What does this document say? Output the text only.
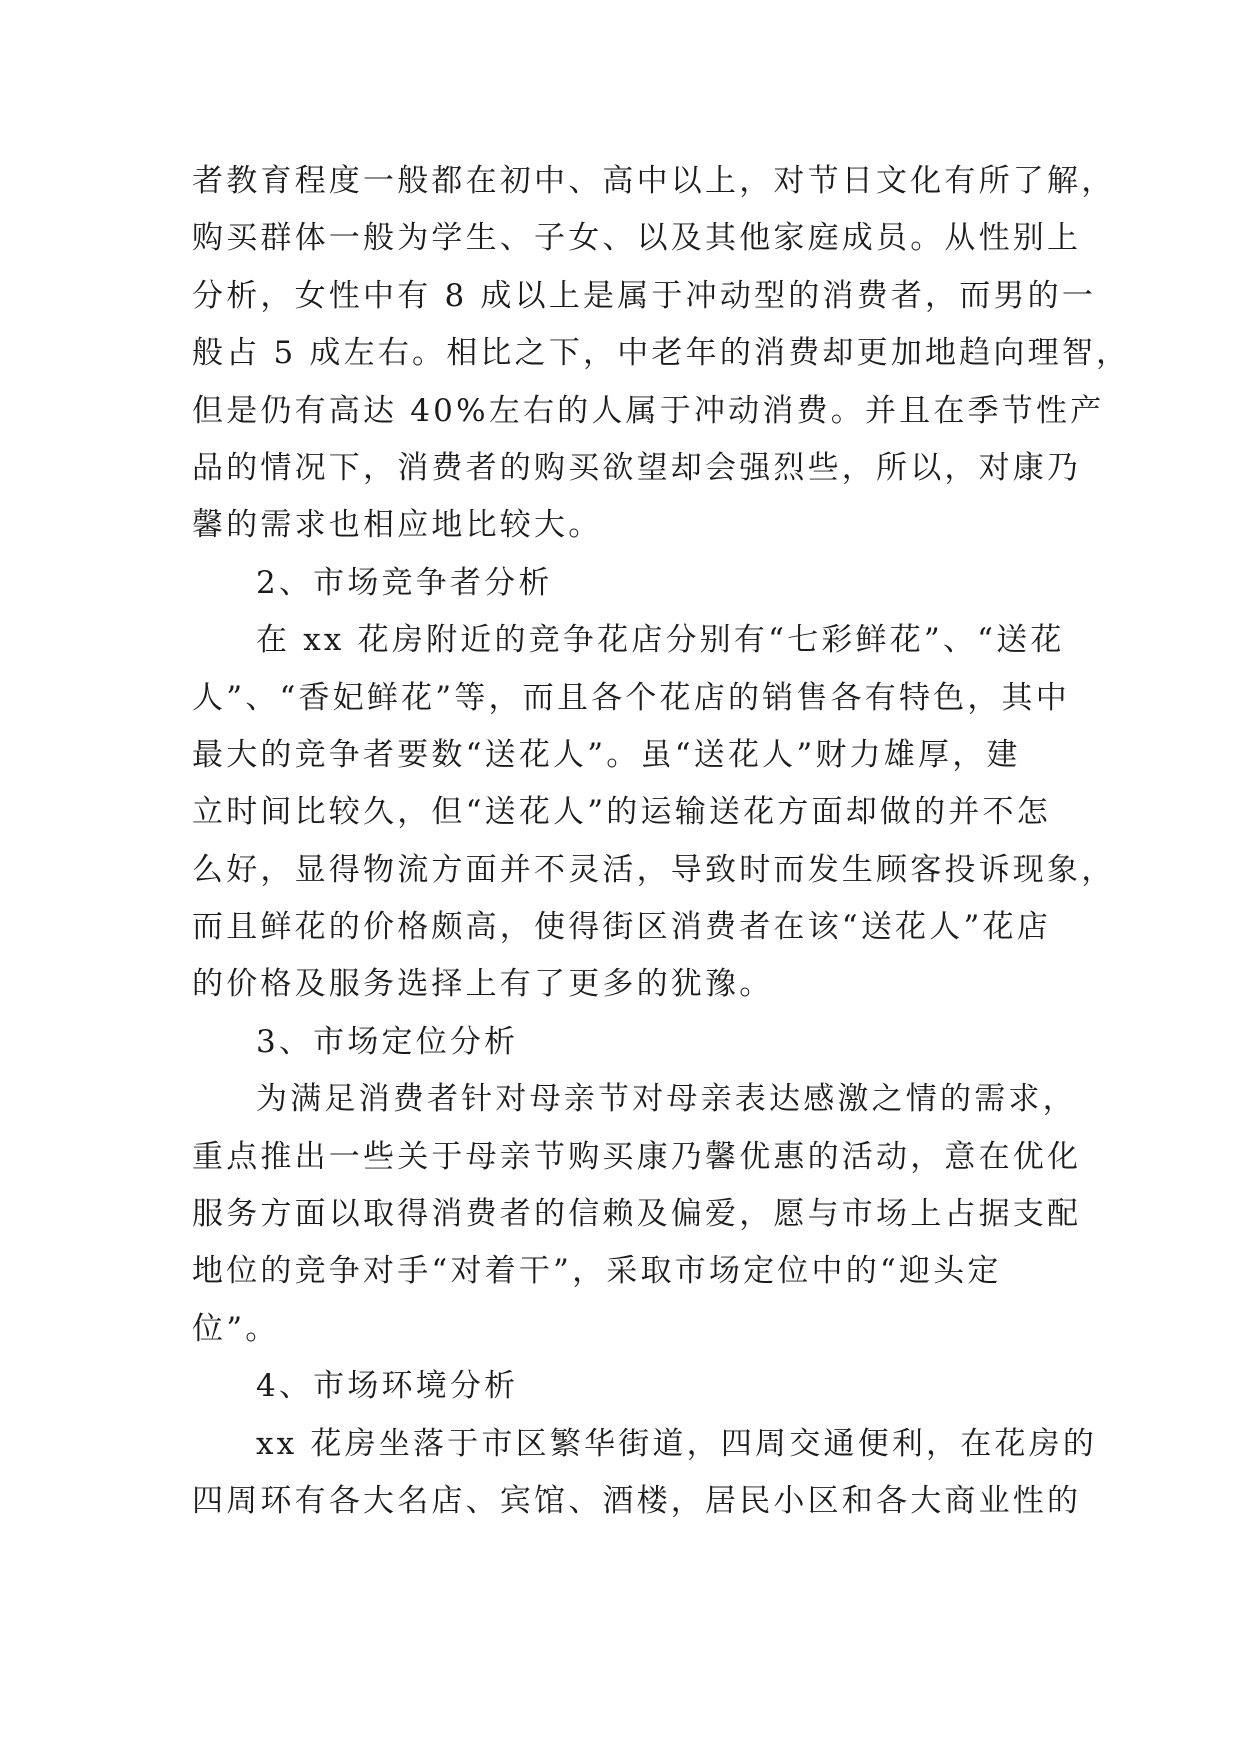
者教育程度一般都在初中、高中以上，对节日文化有所了解，
购买群体一般为学生、子女、以及其他家庭成员。从性别上
分析，女性中有 8 成以上是属于冲动型的消费者，而男的一
般占 5 成左右。相比之下，中老年的消费却更加地趋向理智，
但是仍有高达 40%左右的人属于冲动消费。并且在季节性产
品的情况下，消费者的购买欲望却会强烈些，所以，对康乃
馨的需求也相应地比较大。
2、市场竞争者分析
在 xx 花房附近的竞争花店分别有“七彩鲜花”、“送花
人”、“香妃鲜花”等，而且各个花店的销售各有特色，其中
最大的竞争者要数“送花人”。虽“送花人”财力雄厚，建
立时间比较久，但“送花人”的运输送花方面却做的并不怎
么好，显得物流方面并不灵活，导致时而发生顾客投诉现象，
而且鲜花的价格颇高，使得街区消费者在该“送花人”花店
的价格及服务选择上有了更多的犹豫。
3、市场定位分析
为满足消费者针对母亲节对母亲表达感激之情的需求，
重点推出一些关于母亲节购买康乃馨优惠的活动，意在优化
服务方面以取得消费者的信赖及偏爱，愿与市场上占据支配
地位的竞争对手“对着干”，采取市场定位中的“迎头定
位”。
4、市场环境分析
xx 花房坐落于市区繁华街道，四周交通便利，在花房的
四周环有各大名店、宾馆、酒楼，居民小区和各大商业性的
